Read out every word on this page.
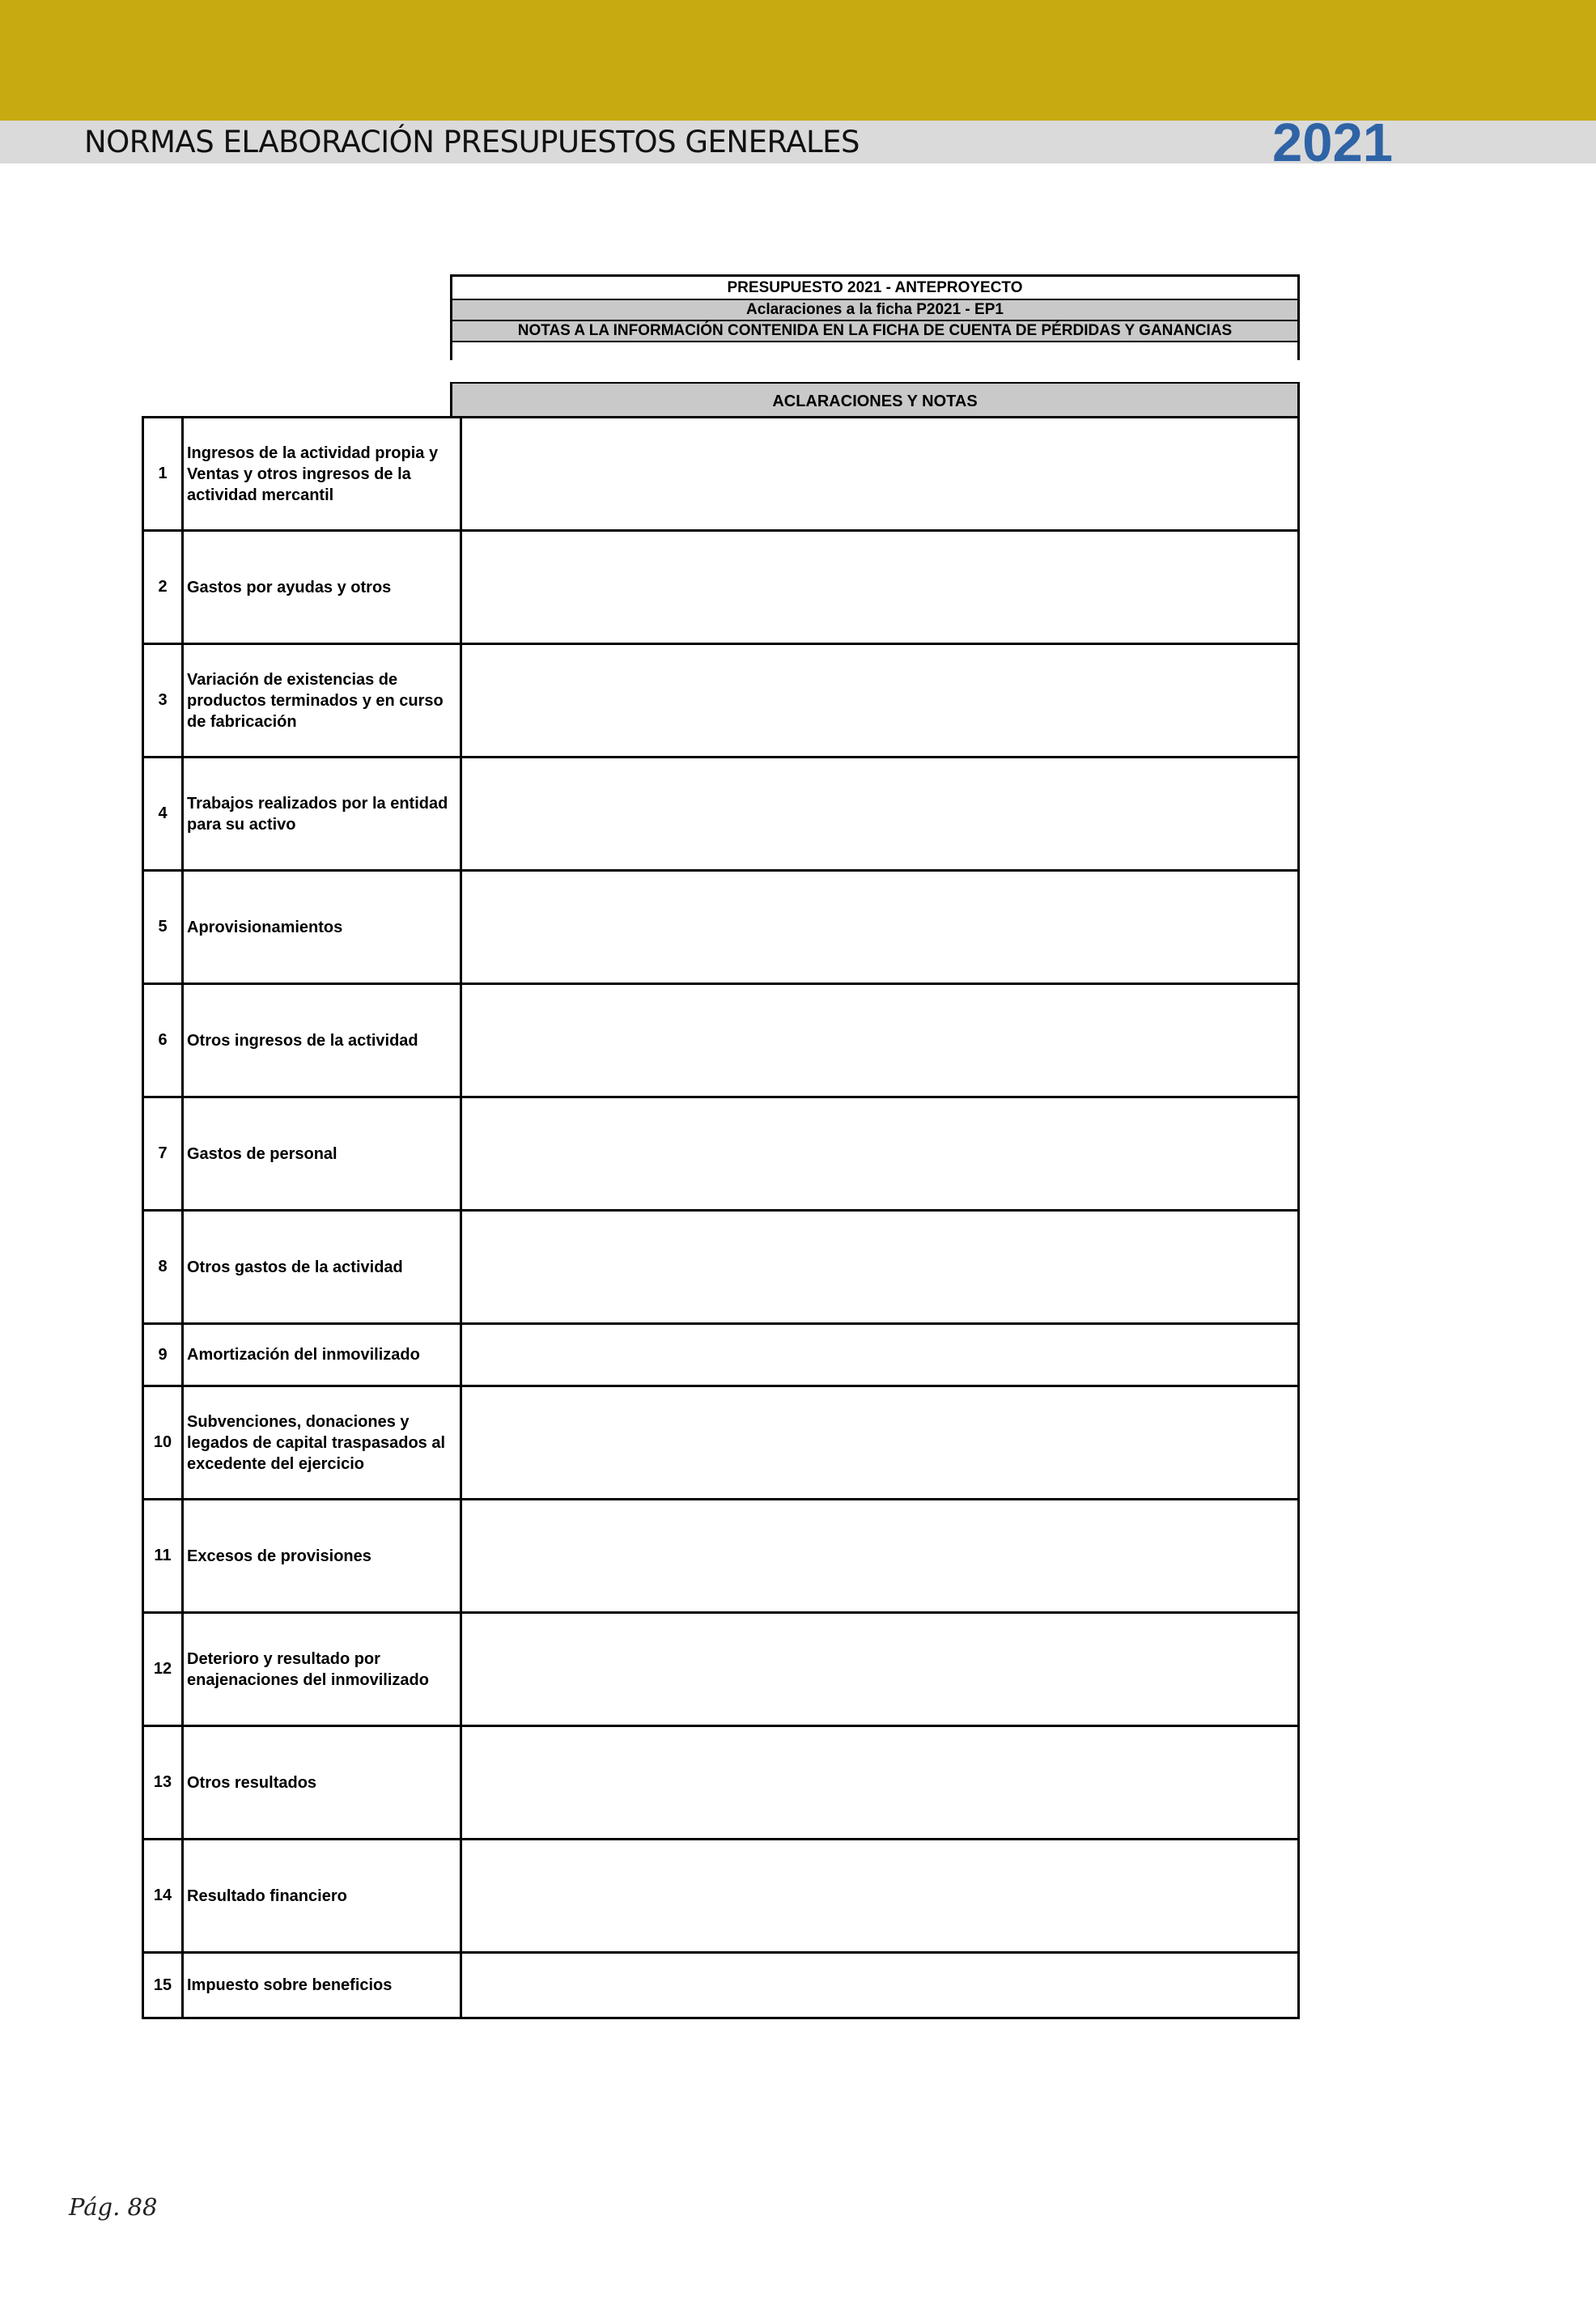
NORMAS ELABORACIÓN PRESUPUESTOS GENERALES	2021
PRESUPUESTO 2021 - ANTEPROYECTO
Aclaraciones a la ficha P2021 - EP1
NOTAS A LA INFORMACIÓN CONTENIDA EN LA FICHA DE CUENTA DE PÉRDIDAS Y GANANCIAS
ACLARACIONES Y NOTAS
1	Ingresos de la actividad propia y Ventas y otros ingresos de la actividad mercantil	
2	Gastos por ayudas y otros	
3	Variación de existencias de productos terminados y en curso de fabricación	
4	Trabajos realizados por la entidad para su activo	
5	Aprovisionamientos	
6	Otros ingresos de la actividad	
7	Gastos de personal	
8	Otros gastos de la actividad	
9	Amortización del inmovilizado	
10	Subvenciones, donaciones y legados de capital traspasados al excedente del ejercicio	
11	Excesos de provisiones	
12	Deterioro y resultado por enajenaciones del inmovilizado	
13	Otros resultados	
14	Resultado financiero	
15	Impuesto sobre beneficios	
Pág. 88
